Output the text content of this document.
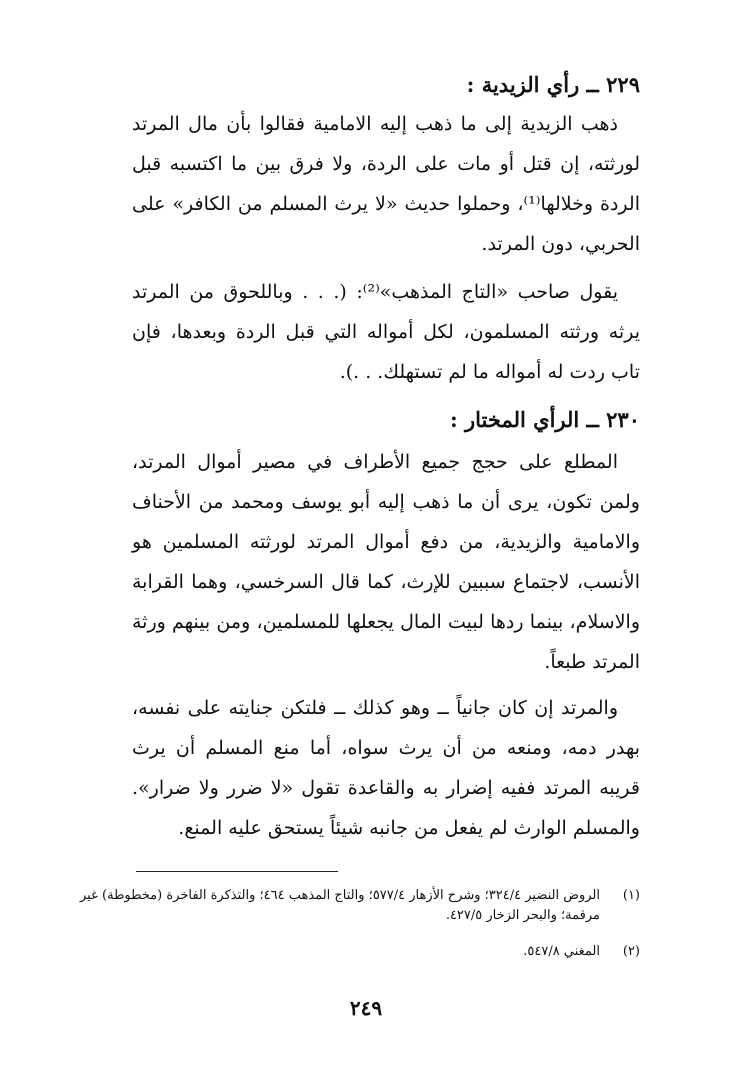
٢٢٩ ــ رأي الزيدية :
ذهب الزيدية إلى ما ذهب إليه الامامية فقالوا بأن مال المرتد لورثته، إن قتل أو مات على الردة، ولا فرق بين ما اكتسبه قبل الردة وخلالها⁽¹⁾، وحملوا حديث «لا يرث المسلم من الكافر» على الحربي، دون المرتد.
يقول صاحب «التاج المذهب»⁽²⁾: (. . . وباللحوق من المرتد يرثه ورثته المسلمون، لكل أمواله التي قبل الردة وبعدها، فإن تاب ردت له أمواله ما لم تستهلك. . .).
٢٣٠ ــ الرأي المختار :
المطلع على حجج جميع الأطراف في مصير أموال المرتد، ولمن تكون، يرى أن ما ذهب إليه أبو يوسف ومحمد من الأحناف والامامية والزيدية، من دفع أموال المرتد لورثته المسلمين هو الأنسب، لاجتماع سببين للإرث، كما قال السرخسي، وهما القرابة والاسلام، بينما ردها لبيت المال يجعلها للمسلمين، ومن بينهم ورثة المرتد طبعاً.
والمرتد إن كان جانياً ــ وهو كذلك ــ فلتكن جنايته على نفسه، بهدر دمه، ومنعه من أن يرث سواه، أما منع المسلم أن يرث قريبه المرتد ففيه إضرار به والقاعدة تقول «لا ضرر ولا ضرار». والمسلم الوارث لم يفعل من جانبه شيئاً يستحق عليه المنع.
(١)
الروض النضير ٣٢٤/٤؛ وشرح الأزهار ٥٧٧/٤؛ والتاج المذهب ٤٦٤؛ والتذكرة الفاخرة (مخطوطة) غير مرقمة؛ والبحر الزخار ٤٢٧/٥.
(٢)
المغني ٥٤٧/٨.
٢٤٩
